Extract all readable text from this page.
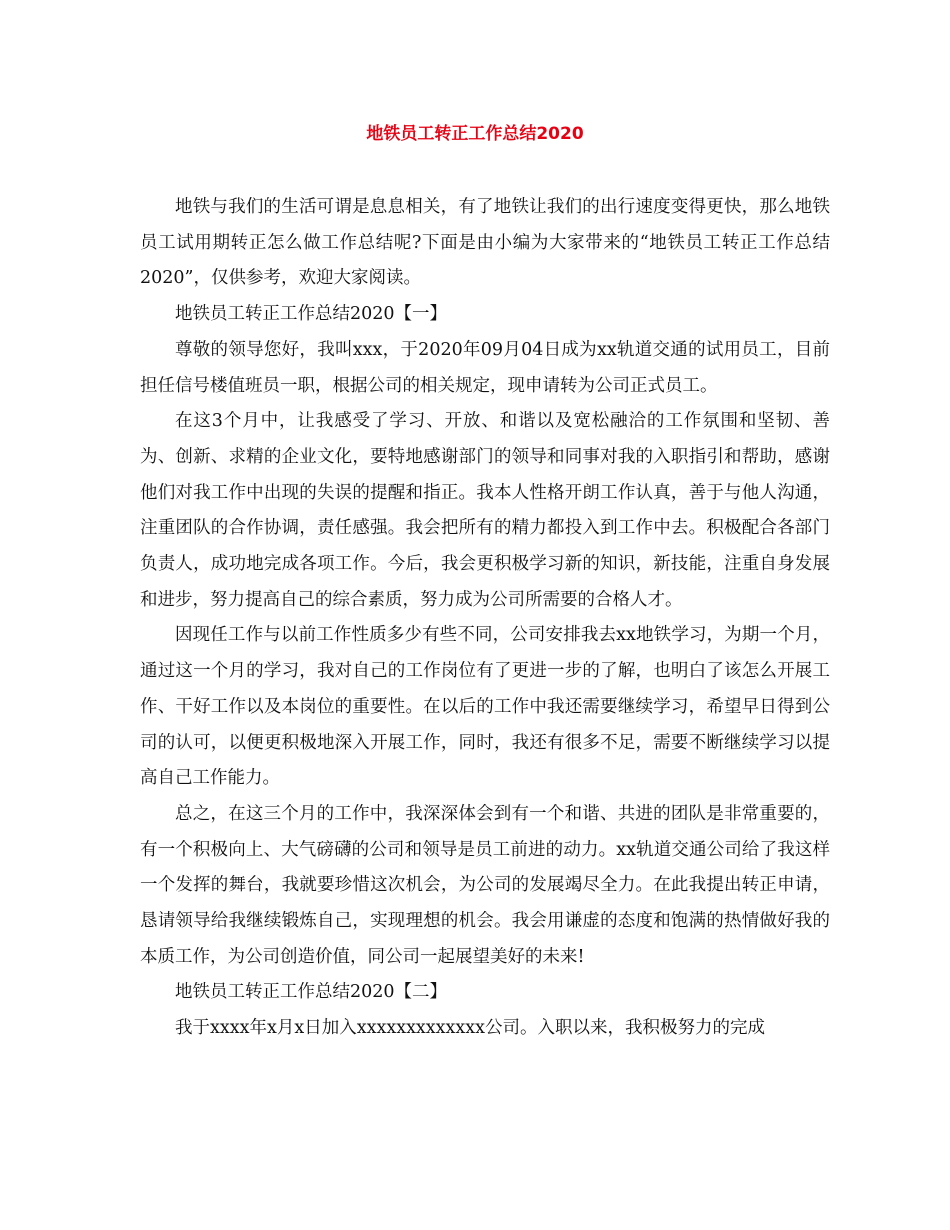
地铁员工转正工作总结2020

地铁与我们的生活可谓是息息相关，有了地铁让我们的出行速度变得更快，那么地铁员工试用期转正怎么做工作总结呢?下面是由小编为大家带来的“地铁员工转正工作总结2020”，仅供参考，欢迎大家阅读。

地铁员工转正工作总结2020【一】

尊敬的领导您好，我叫xxx，于2020年09月04日成为xx轨道交通的试用员工，目前担任信号楼值班员一职，根据公司的相关规定，现申请转为公司正式员工。

在这3个月中，让我感受了学习、开放、和谐以及宽松融洽的工作氛围和坚韧、善为、创新、求精的企业文化，要特地感谢部门的领导和同事对我的入职指引和帮助，感谢他们对我工作中出现的失误的提醒和指正。我本人性格开朗工作认真，善于与他人沟通，注重团队的合作协调，责任感强。我会把所有的精力都投入到工作中去。积极配合各部门负责人，成功地完成各项工作。今后，我会更积极学习新的知识，新技能，注重自身发展和进步，努力提高自己的综合素质，努力成为公司所需要的合格人才。

因现任工作与以前工作性质多少有些不同，公司安排我去xx地铁学习，为期一个月，通过这一个月的学习，我对自己的工作岗位有了更进一步的了解，也明白了该怎么开展工作、干好工作以及本岗位的重要性。在以后的工作中我还需要继续学习，希望早日得到公司的认可，以便更积极地深入开展工作，同时，我还有很多不足，需要不断继续学习以提高自己工作能力。

总之，在这三个月的工作中，我深深体会到有一个和谐、共进的团队是非常重要的，有一个积极向上、大气磅礴的公司和领导是员工前进的动力。xx轨道交通公司给了我这样一个发挥的舞台，我就要珍惜这次机会，为公司的发展竭尽全力。在此我提出转正申请，恳请领导给我继续锻炼自己，实现理想的机会。我会用谦虚的态度和饱满的热情做好我的本质工作，为公司创造价值，同公司一起展望美好的未来!

地铁员工转正工作总结2020【二】

我于xxxx年x月x日加入xxxxxxxxxxxxx公司。入职以来，我积极努力的完成
